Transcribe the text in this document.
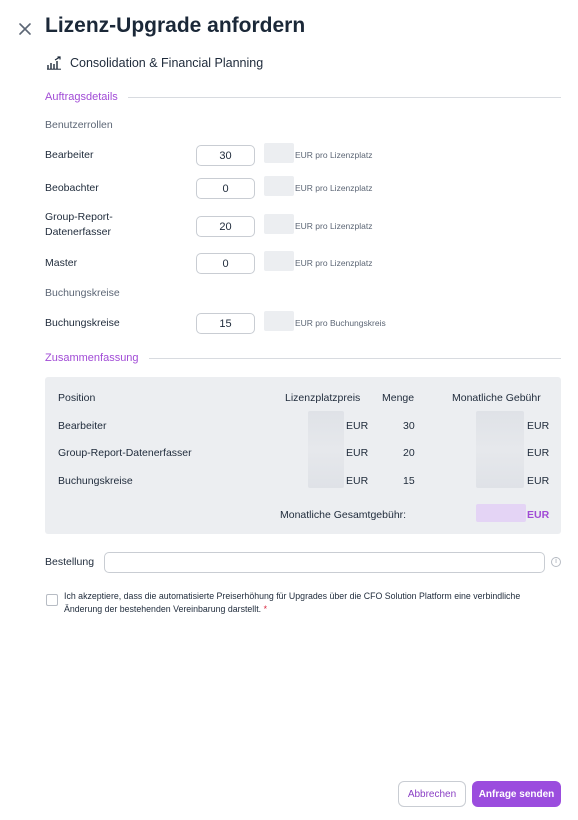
Lizenz-Upgrade anfordern
Consolidation & Financial Planning
Auftragsdetails
Benutzerrollen
Bearbeiter
30	EUR pro Lizenzplatz
Beobachter
0	EUR pro Lizenzplatz
Group-Report-
Datenerfasser
20	EUR pro Lizenzplatz
Master
0	EUR pro Lizenzplatz
Buchungskreise
Buchungskreise
15	EUR pro Buchungskreis
Zusammenfassung
Position	Lizenzplatzpreis Menge	Monatliche Gebühr
Bearbeiter	EUR	30	EUR
Group-Report-Datenerfasser	EUR	20	EUR
Buchungskreise	EUR	15	EUR
Monatliche Gesamtgebühr:	EUR
Bestellung	i
Ich akzeptiere, dass die automatisierte Preiserhöhung für Upgrades über die CFO Solution Platform eine verbindliche Änderung der bestehenden Vereinbarung darstellt. *
Abbrechen	Anfrage senden
